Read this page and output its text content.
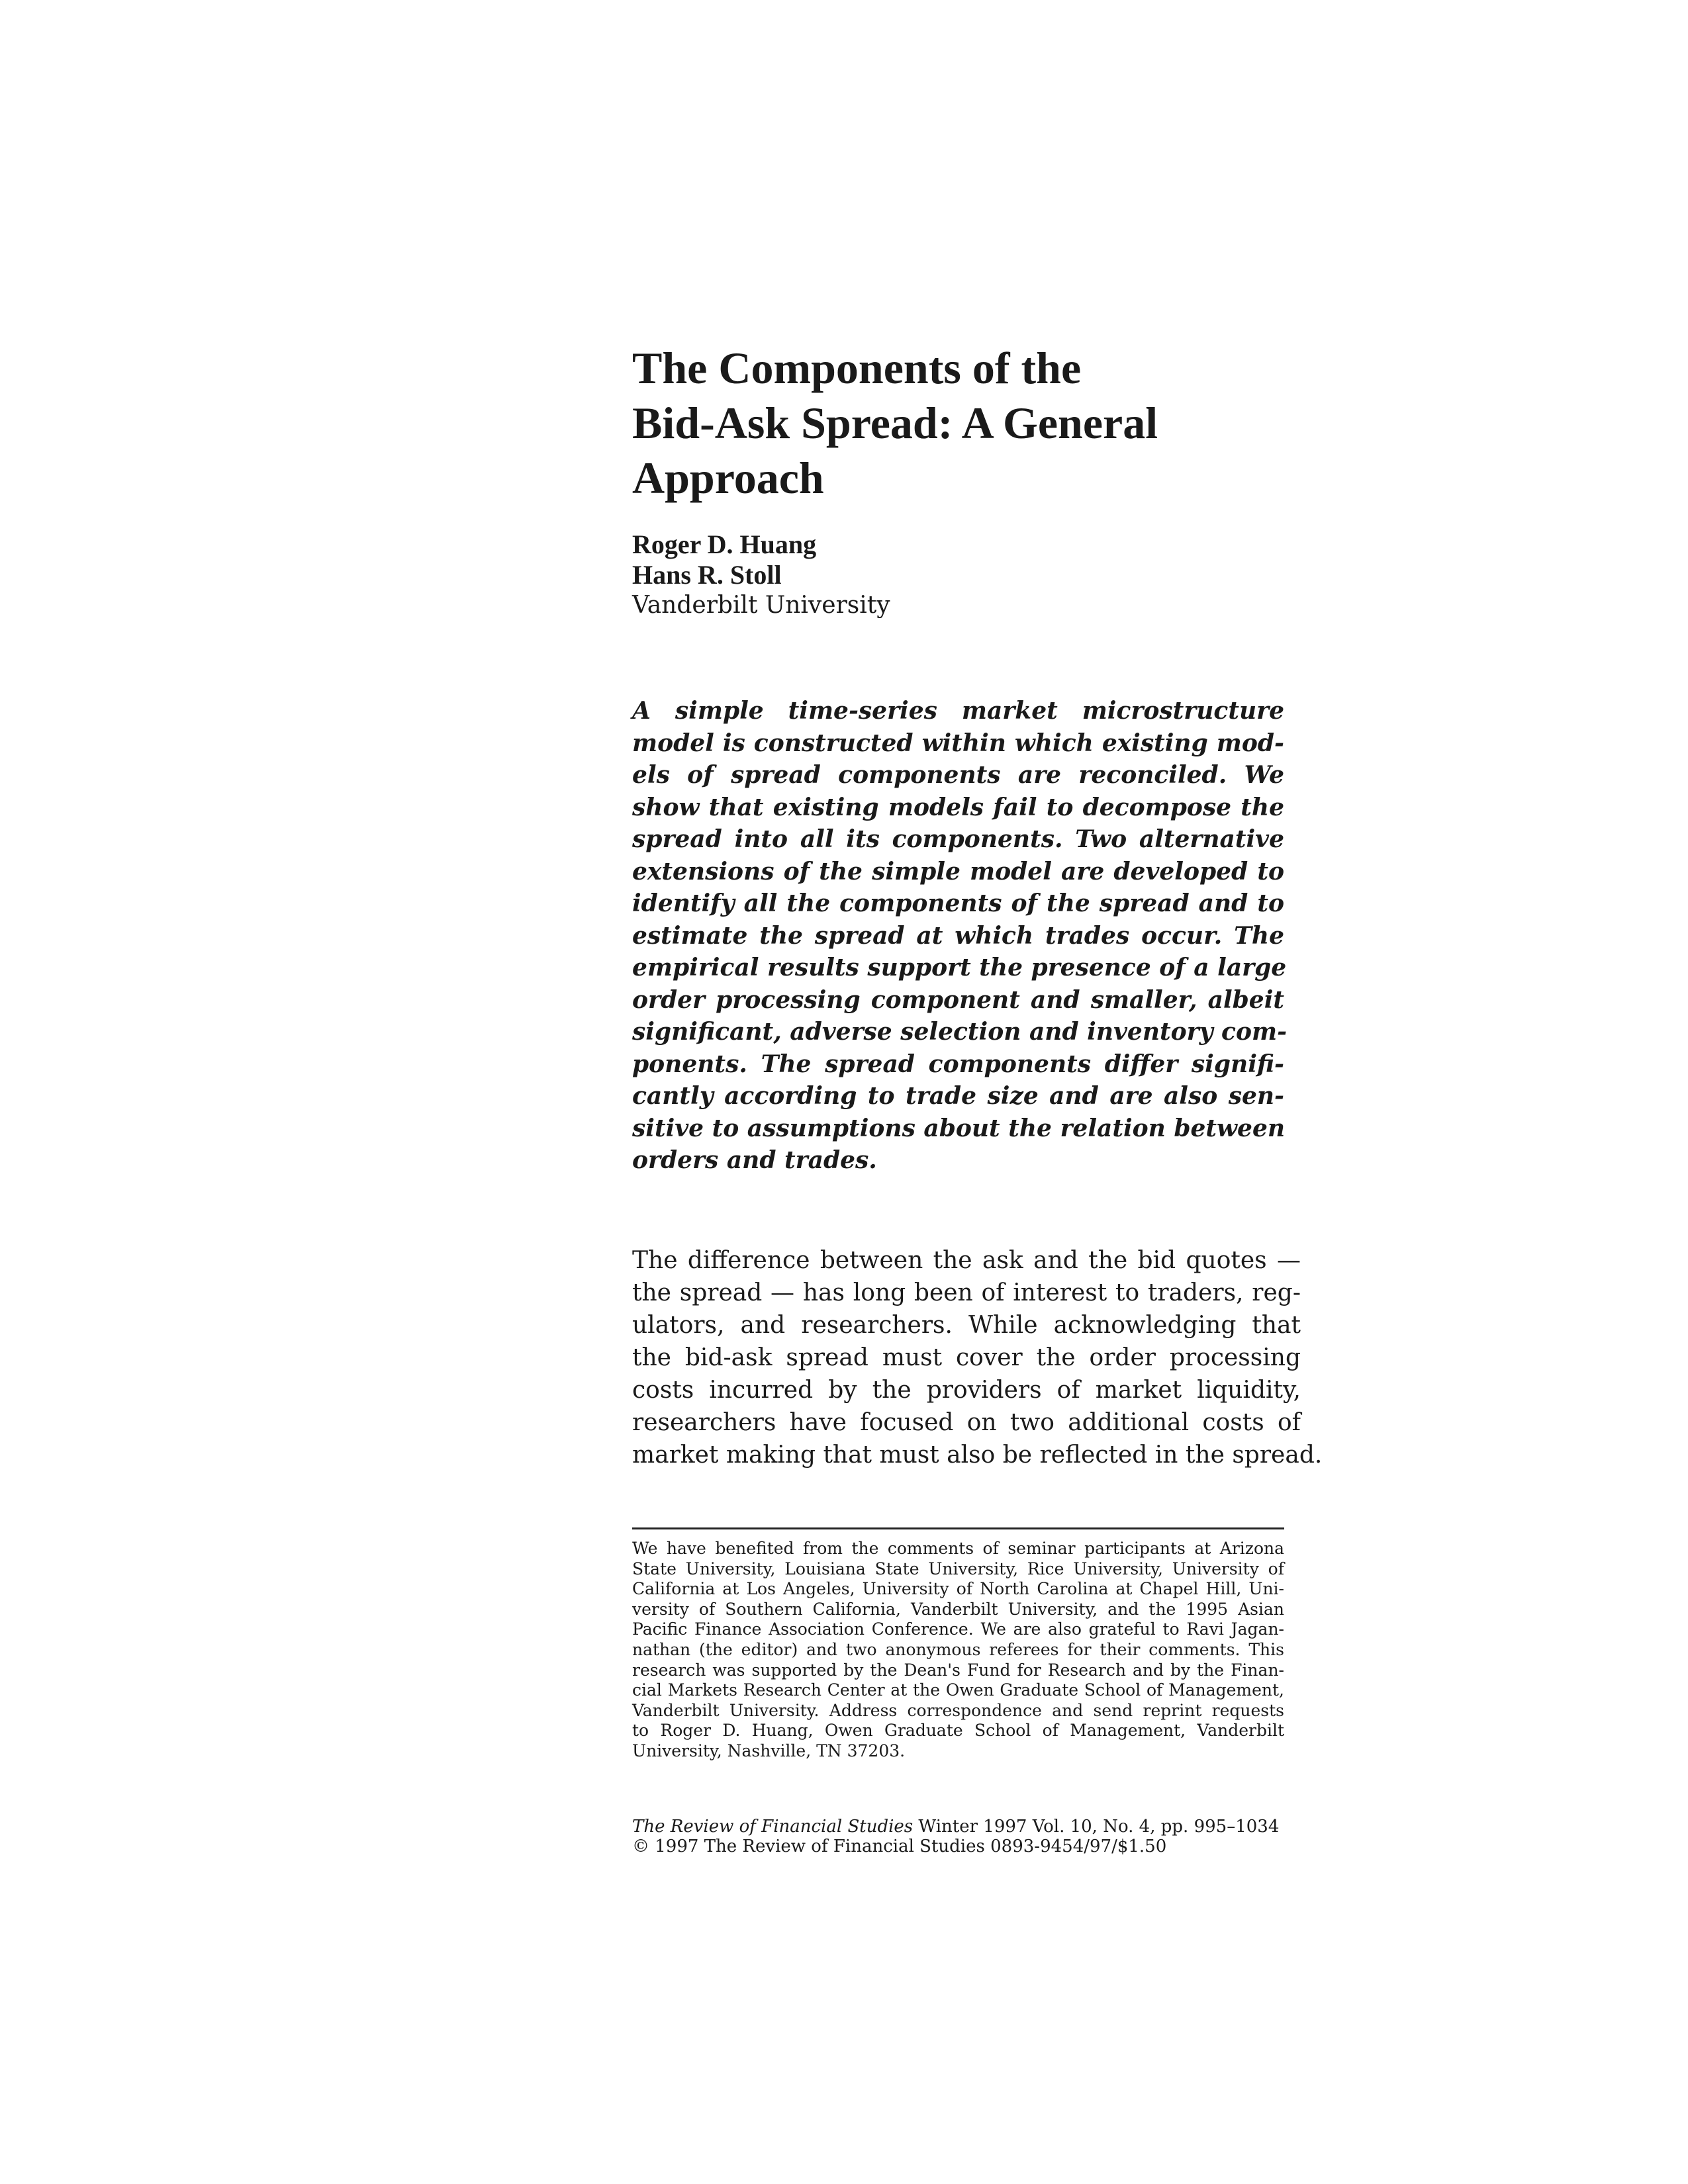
The Components of the
Bid-Ask Spread: A General
Approach
Roger D. Huang
Hans R. Stoll
Vanderbilt University
A simple time-series market microstructure
model is constructed within which existing mod-
els of spread components are reconciled. We
show that existing models fail to decompose the
spread into all its components. Two alternative
extensions of the simple model are developed to
identify all the components of the spread and to
estimate the spread at which trades occur. The
empirical results support the presence of a large
order processing component and smaller, albeit
significant, adverse selection and inventory com-
ponents. The spread components differ signifi-
cantly according to trade size and are also sen-
sitive to assumptions about the relation between
orders and trades.
The difference between the ask and the bid quotes —
the spread — has long been of interest to traders, reg-
ulators, and researchers. While acknowledging that
the bid-ask spread must cover the order processing
costs incurred by the providers of market liquidity,
researchers have focused on two additional costs of
market making that must also be reflected in the spread.
We have benefited from the comments of seminar participants at Arizona
State University, Louisiana State University, Rice University, University of
California at Los Angeles, University of North Carolina at Chapel Hill, Uni-
versity of Southern California, Vanderbilt University, and the 1995 Asian
Pacific Finance Association Conference. We are also grateful to Ravi Jagan-
nathan (the editor) and two anonymous referees for their comments. This
research was supported by the Dean's Fund for Research and by the Finan-
cial Markets Research Center at the Owen Graduate School of Management,
Vanderbilt University. Address correspondence and send reprint requests
to Roger D. Huang, Owen Graduate School of Management, Vanderbilt
University, Nashville, TN 37203.
The Review of Financial Studies Winter 1997 Vol. 10, No. 4, pp. 995–1034
© 1997 The Review of Financial Studies 0893-9454/97/$1.50
